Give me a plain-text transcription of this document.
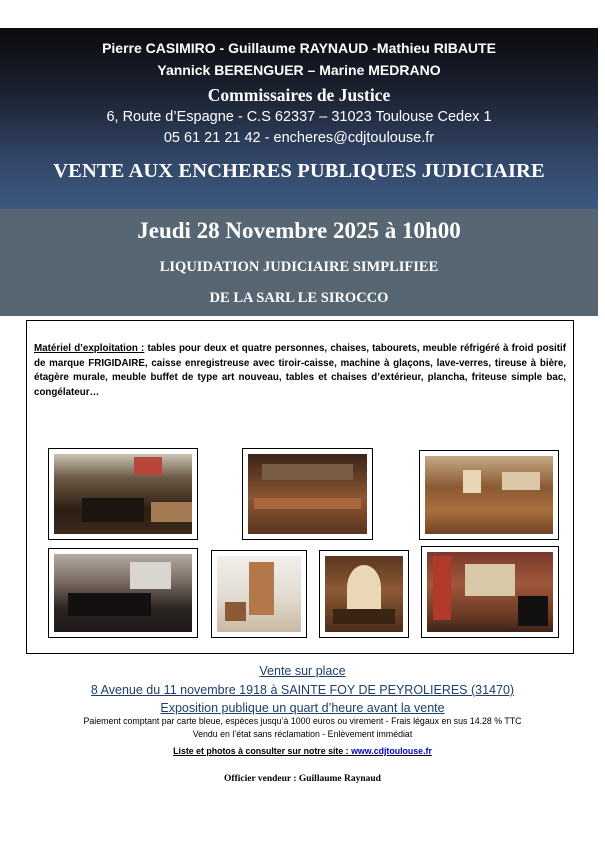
Pierre CASIMIRO - Guillaume RAYNAUD -Mathieu RIBAUTE
Yannick BERENGUER – Marine MEDRANO
Commissaires de Justice
6, Route d’Espagne - C.S 62337 – 31023 Toulouse Cedex 1
05 61 21 21 42 - encheres@cdjtoulouse.fr
VENTE AUX ENCHERES PUBLIQUES JUDICIAIRE
Jeudi 28 Novembre 2025 à 10h00
LIQUIDATION JUDICIAIRE SIMPLIFIEE
DE LA SARL LE SIROCCO

Matériel d’exploitation : tables pour deux et quatre personnes, chaises, tabourets, meuble réfrigéré à froid positif de marque FRIGIDAIRE, caisse enregistreuse avec tiroir-caisse, machine à glaçons, lave-verres, tireuse à bière, étagère murale, meuble buffet de type art nouveau, tables et chaises d’extérieur, plancha, friteuse simple bac, congélateur…

Vente sur place
8 Avenue du 11 novembre 1918 à SAINTE FOY DE PEYROLIERES (31470)
Exposition publique un quart d’heure avant la vente
Paiement comptant par carte bleue, espèces jusqu’à 1000 euros ou virement - Frais légaux en sus 14.28 % TTC
Vendu en l’état sans réclamation - Enlèvement immédiat
Liste et photos à consulter sur notre site : www.cdjtoulouse.fr
Officier vendeur : Guillaume Raynaud
